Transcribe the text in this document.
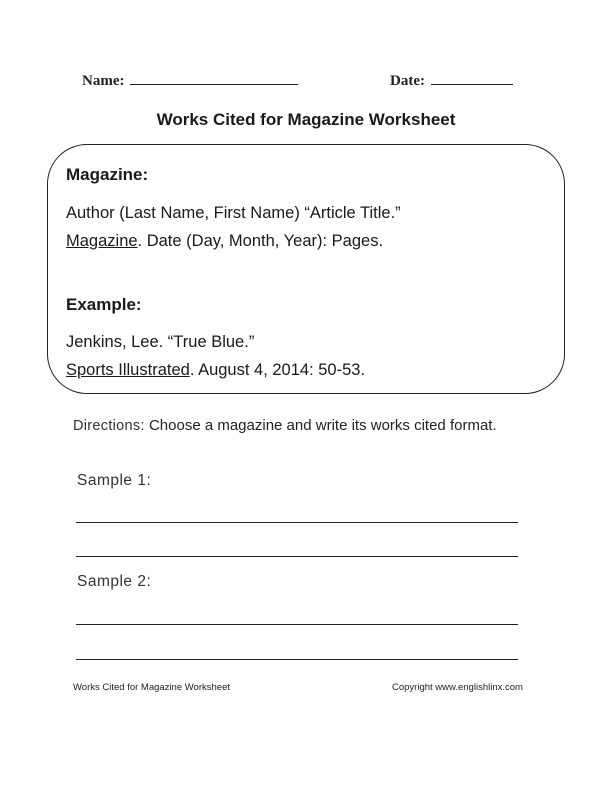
Name:	Date:
Works Cited for Magazine Worksheet
Magazine:
Author (Last Name, First Name) “Article Title.”
Magazine. Date (Day, Month, Year): Pages.
Example:
Jenkins, Lee. “True Blue.”
Sports Illustrated. August 4, 2014: 50-53.
Directions: Choose a magazine and write its works cited format.
Sample 1:
Sample 2:
Works Cited for Magazine Worksheet	Copyright www.englishlinx.com
